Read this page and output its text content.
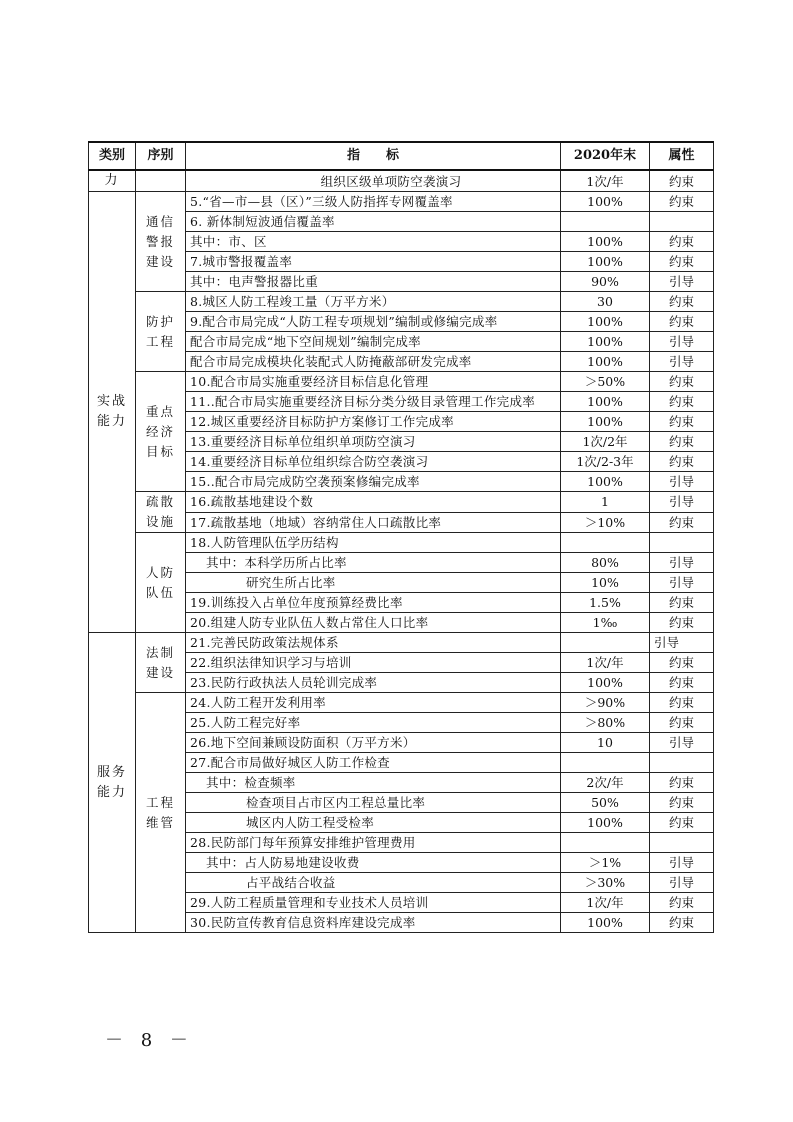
类别	序别	指　　标	2020年末	属性
力		组织区级单项防空袭演习	1次/年	约束
实战能力	通信警报建设	5.“省—市—县（区）”三级人防指挥专网覆盖率	100%	约束
		6. 新体制短波通信覆盖率		
		其中：市、区	100%	约束
		7.城市警报覆盖率	100%	约束
		其中：电声警报器比重	90%	引导
	防护工程	8.城区人防工程竣工量（万平方米）	30	约束
		9.配合市局完成“人防工程专项规划”编制或修编完成率	100%	约束
		配合市局完成“地下空间规划”编制完成率	100%	引导
		配合市局完成模块化装配式人防掩蔽部研发完成率	100%	引导
	重点经济目标	10.配合市局实施重要经济目标信息化管理	＞50%	约束
		11..配合市局实施重要经济目标分类分级目录管理工作完成率	100%	约束
		12.城区重要经济目标防护方案修订工作完成率	100%	约束
		13.重要经济目标单位组织单项防空演习	1次/2年	约束
		14.重要经济目标单位组织综合防空袭演习	1次/2-3年	约束
		15..配合市局完成防空袭预案修编完成率	100%	引导
	疏散设施	16.疏散基地建设个数	1	引导
		17.疏散基地（地域）容纳常住人口疏散比率	＞10%	约束
	人防队伍	18.人防管理队伍学历结构		
		其中：本科学历所占比率	80%	引导
		研究生所占比率	10%	引导
		19.训练投入占单位年度预算经费比率	1.5%	约束
		20.组建人防专业队伍人数占常住人口比率	1‰	约束
服务能力	法制建设	21.完善民防政策法规体系		引导
		22.组织法律知识学习与培训	1次/年	约束
		23.民防行政执法人员轮训完成率	100%	约束
	工程维管	24.人防工程开发利用率	＞90%	约束
		25.人防工程完好率	＞80%	约束
		26.地下空间兼顾设防面积（万平方米）	10	引导
		27.配合市局做好城区人防工作检查		
		其中：检查频率	2次/年	约束
		检查项目占市区内工程总量比率	50%	约束
		城区内人防工程受检率	100%	约束
		28.民防部门每年预算安排维护管理费用		
		其中：占人防易地建设收费	＞1%	引导
		占平战结合收益	＞30%	引导
		29.人防工程质量管理和专业技术人员培训	1次/年	约束
		30.民防宣传教育信息资料库建设完成率	100%	约束
－ 8 －
